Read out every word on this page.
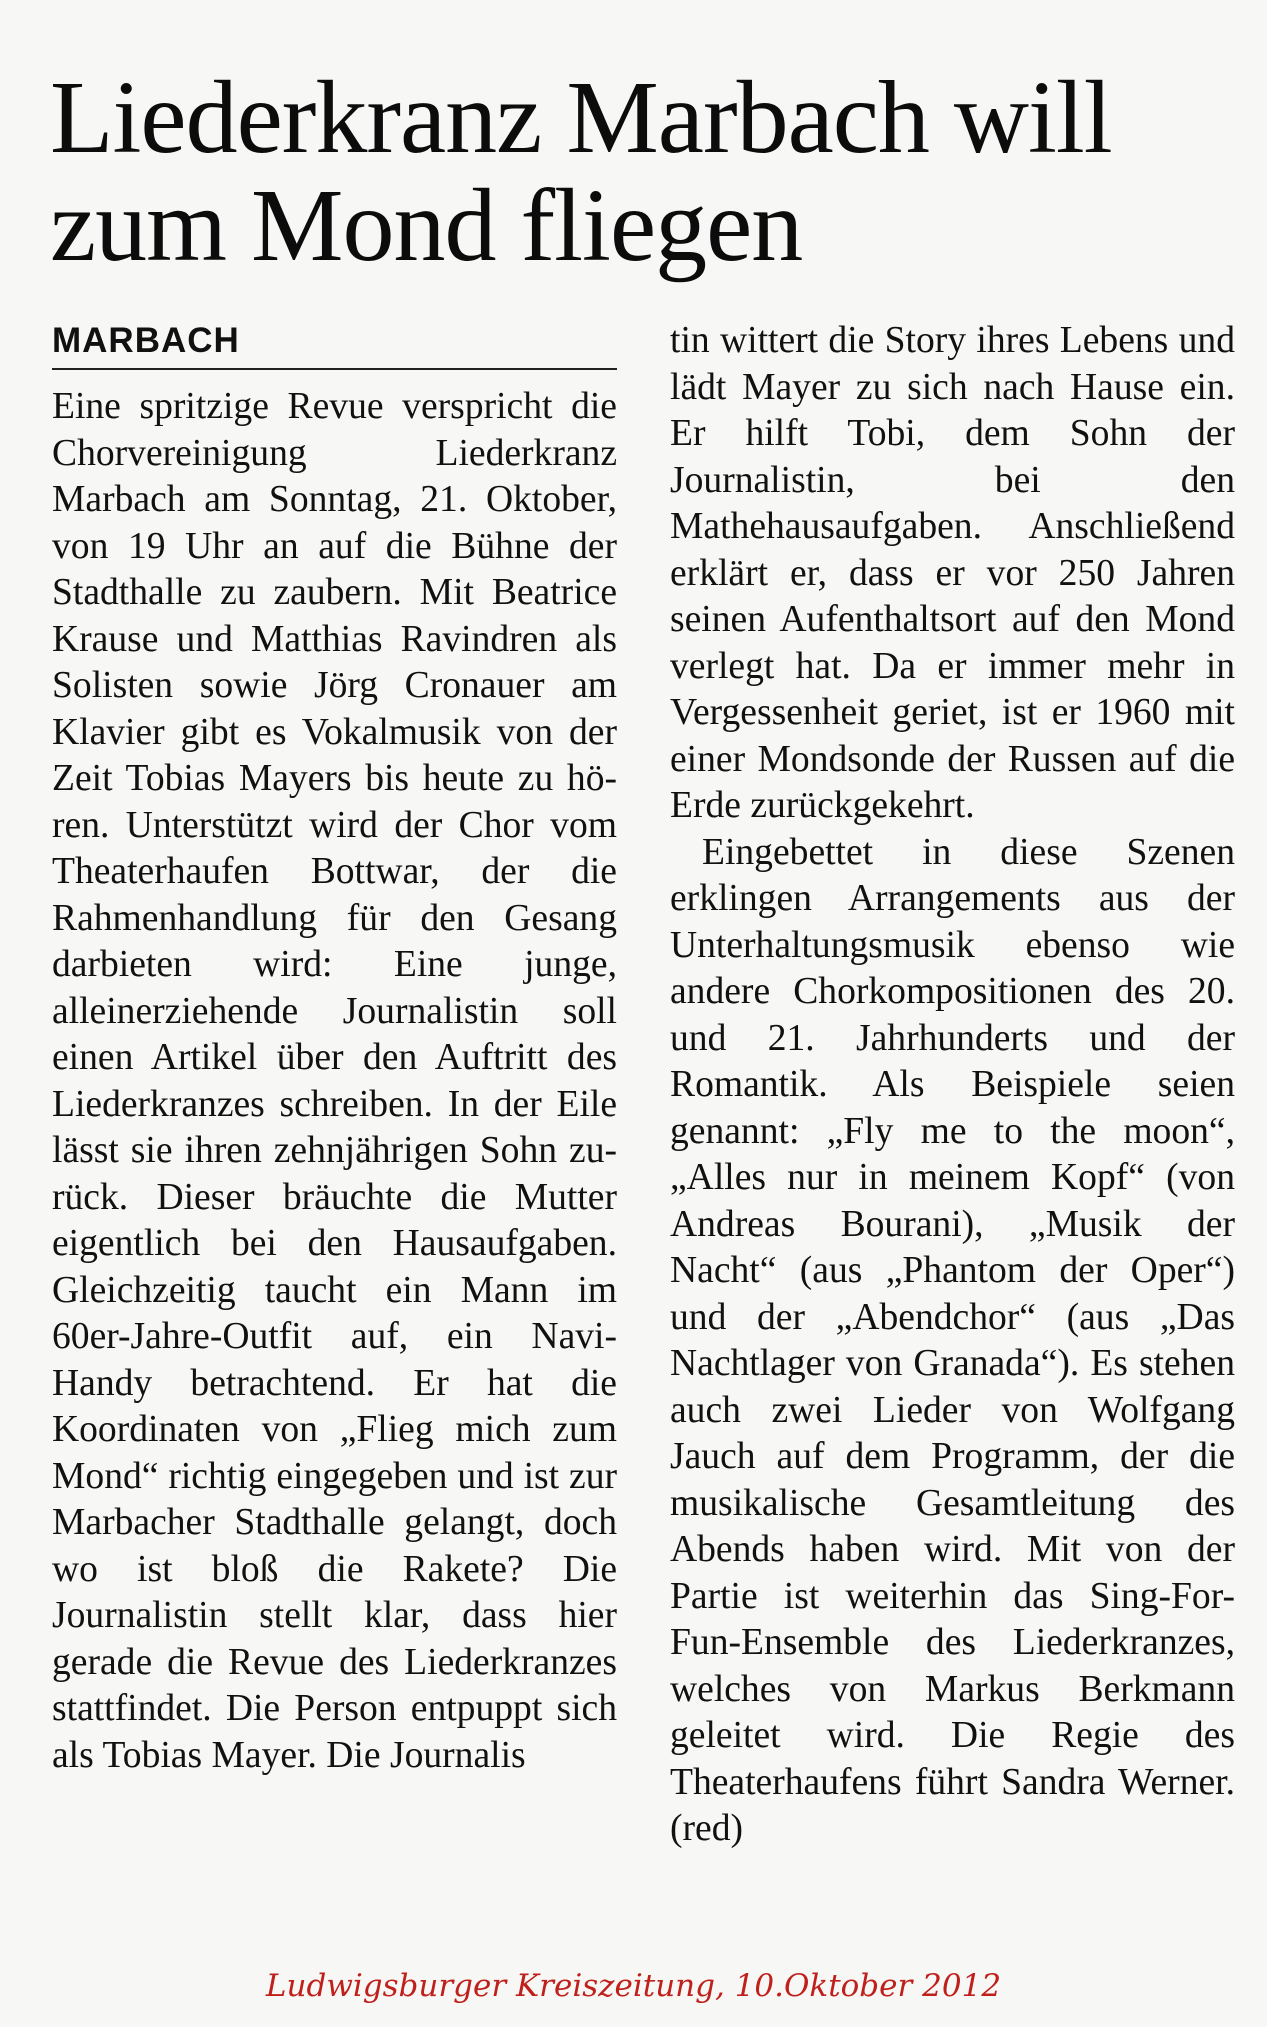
Liederkranz Marbach will zum Mond fliegen
MARBACH

Eine spritzige Revue verspricht die Chorvereinigung Liederkranz Marbach am Sonntag, 21. Oktober, von 19 Uhr an auf die Bühne der Stadthalle zu zaubern. Mit Beatrice Krause und Matthias Ravindren als Solisten sowie Jörg Cronauer am Klavier gibt es Vokalmusik von der Zeit Tobias Mayers bis heute zu hören. Unterstützt wird der Chor vom Theaterhaufen Bottwar, der die Rahmenhandlung für den Gesang darbieten wird: Eine junge, alleinerziehende Journalistin soll einen Artikel über den Auftritt des Liederkranzes schreiben. In der Eile lässt sie ihren zehnjährigen Sohn zurück. Dieser bräuchte die Mutter eigentlich bei den Hausaufgaben. Gleichzeitig taucht ein Mann im 60er-Jahre-Outfit auf, ein Navi-Handy betrachtend. Er hat die Koordinaten von „Flieg mich zum Mond“ richtig eingegeben und ist zur Marbacher Stadthalle gelangt, doch wo ist bloß die Rakete? Die Journalistin stellt klar, dass hier gerade die Revue des Liederkranzes stattfindet. Die Person entpuppt sich als Tobias Mayer. Die Journalis

tin wittert die Story ihres Lebens und lädt Mayer zu sich nach Hause ein. Er hilft Tobi, dem Sohn der Journalistin, bei den Mathehausaufgaben. Anschließend erklärt er, dass er vor 250 Jahren seinen Aufenthaltsort auf den Mond verlegt hat. Da er immer mehr in Vergessenheit geriet, ist er 1960 mit einer Mondsonde der Russen auf die Erde zurückgekehrt.

Eingebettet in diese Szenen erklingen Arrangements aus der Unterhaltungsmusik ebenso wie andere Chorkompositionen des 20. und 21. Jahrhunderts und der Romantik. Als Beispiele seien genannt: „Fly me to the moon“, „Alles nur in meinem Kopf“ (von Andreas Bourani), „Musik der Nacht“ (aus „Phantom der Oper“) und der „Abendchor“ (aus „Das Nachtlager von Granada“). Es stehen auch zwei Lieder von Wolfgang Jauch auf dem Programm, der die musikalische Gesamtleitung des Abends haben wird. Mit von der Partie ist weiterhin das Sing-For-Fun-Ensemble des Liederkranzes, welches von Markus Berkmann geleitet wird. Die Regie des Theaterhaufens führt Sandra Werner. (red)

Ludwigsburger Kreiszeitung, 10.Oktober 2012
